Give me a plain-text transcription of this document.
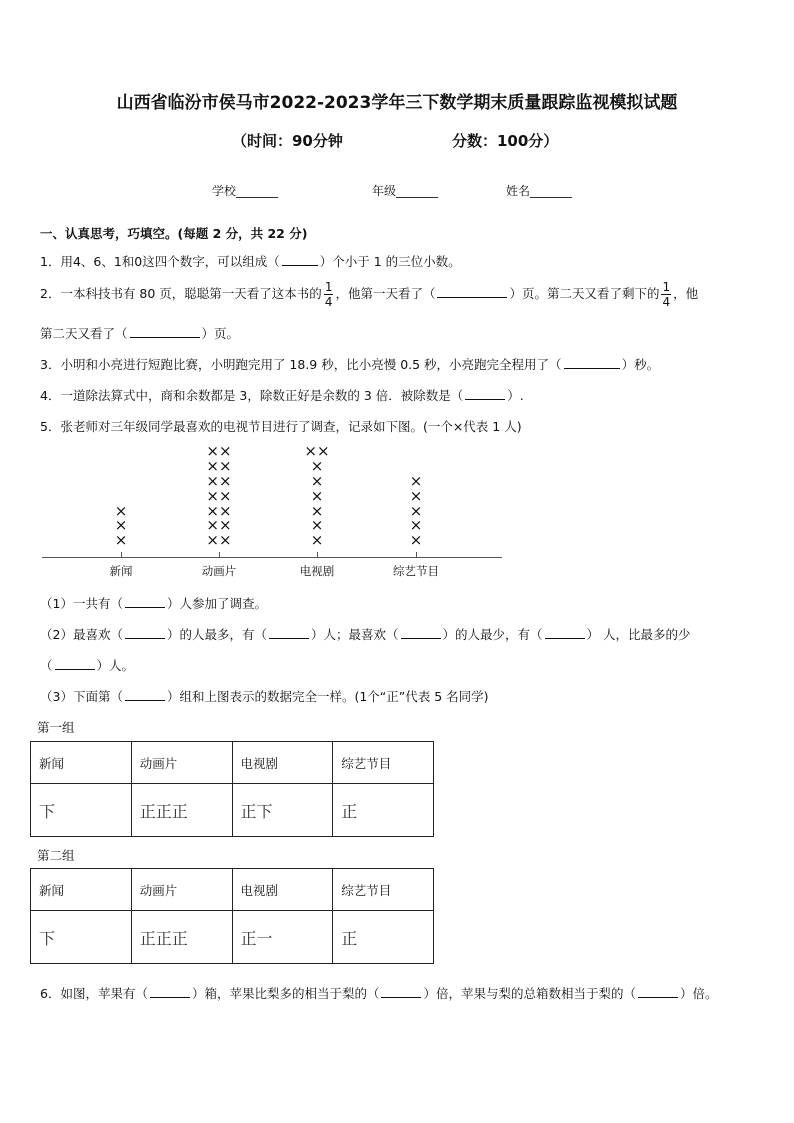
山西省临汾市侯马市2022-2023学年三下数学期末质量跟踪监视模拟试题
（时间：90分钟	分数：100分）
学校_______	年级_______	姓名_______
一、认真思考，巧填空。(每题 2 分，共 22 分)
1．用4、6、1和0这四个数字，可以组成（	）个小于 1 的三位小数。
2．一本科技书有 80 页，聪聪第一天看了这本书的 $\frac{1}{4}$ ，他第一天看了（	）页。第二天又看了剩下的 $\frac{1}{4}$ ，他
第二天又看了（	）页。
3．小明和小亮进行短跑比赛，小明跑完用了 18.9 秒，比小亮慢 0.5 秒，小亮跑完全程用了（	）秒。
4．一道除法算式中，商和余数都是 3，除数正好是余数的 3 倍．被除数是（	）.
5．张老师对三年级同学最喜欢的电视节目进行了调查，记录如下图。(一个×代表 1 人)
×
×
×
新闻
××
××
××
××
××
××
××
动画片
×
×
×
×
×
×
××
电视剧
×
×
×
×
×
综艺节目
（1）一共有（	）人参加了调查。
（2）最喜欢（	）的人最多，有（	）人；最喜欢（	）的人最少，有（	） 人，比最多的少
（	）人。
（3）下面第（	）组和上图表示的数据完全一样。(1个“正”代表 5 名同学)
第一组
新闻	动画片	电视剧	综艺节目
下	正正正	正下	正
第二组
新闻	动画片	电视剧	综艺节目
下	正正正	正一	正
6．如图，苹果有（	）箱，苹果比梨多的相当于梨的（	）倍，苹果与梨的总箱数相当于梨的（	）倍。
